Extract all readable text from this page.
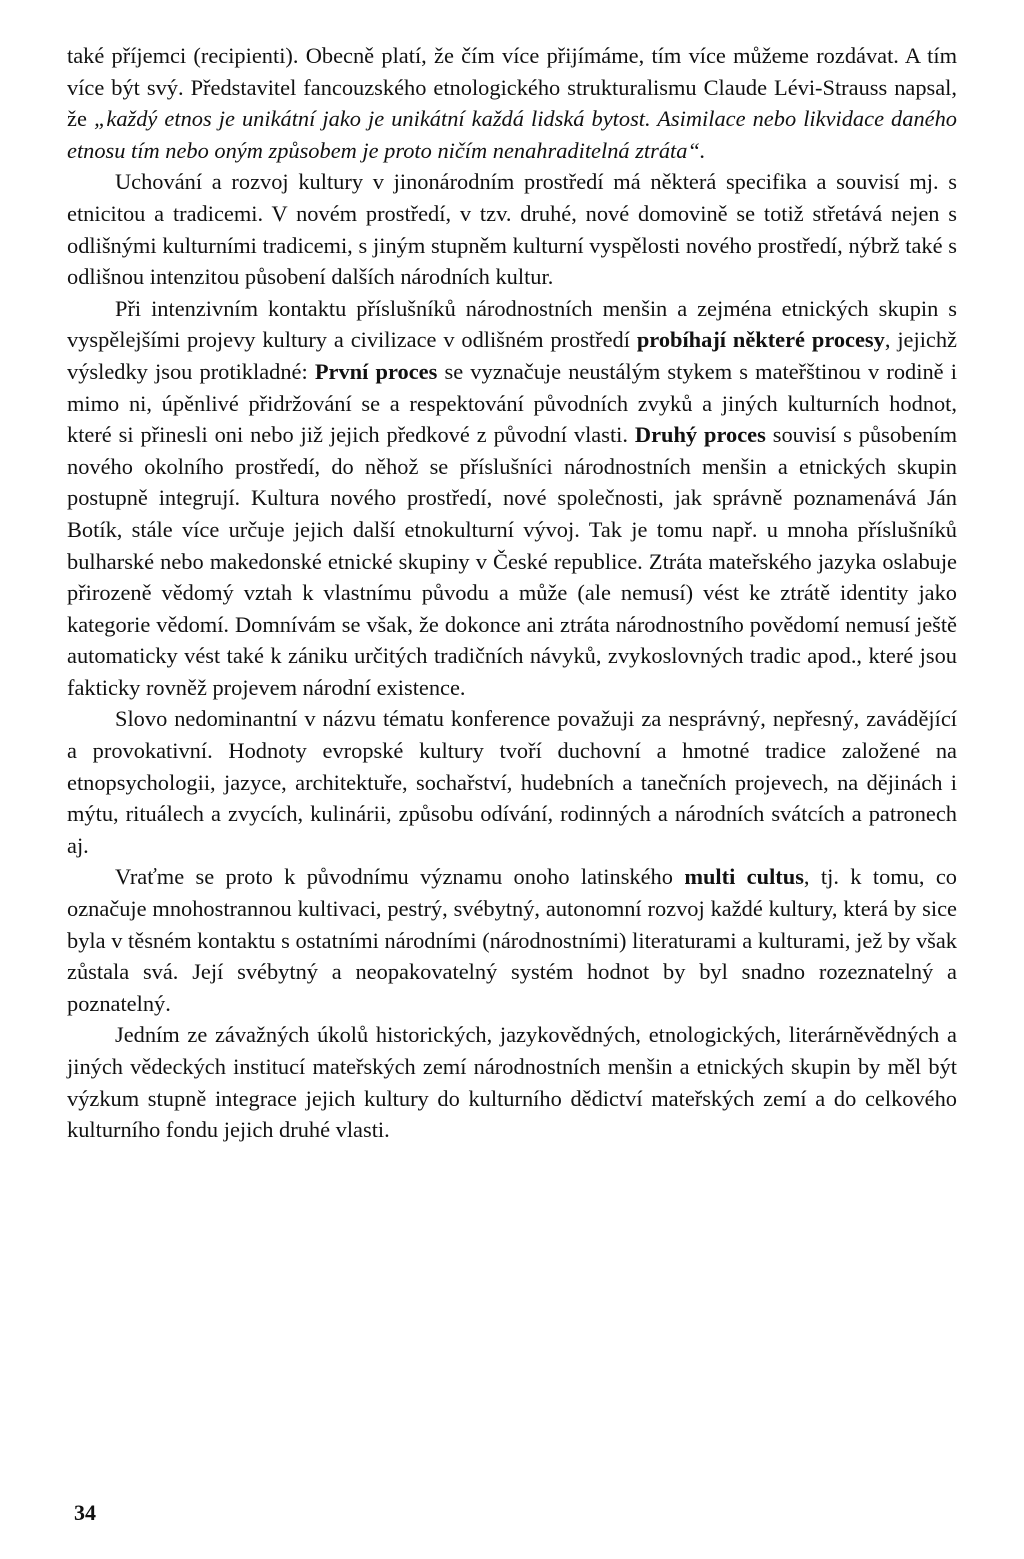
také příjemci (recipienti). Obecně platí, že čím více přijímáme, tím více můžeme rozdávat. A tím více být svý. Představitel fancouzského etnologického strukturalismu Claude Lévi-Strauss napsal, že „každý etnos je unikátní jako je unikátní každá lidská bytost. Asimilace nebo likvidace daného etnosu tím nebo oným způsobem je proto ničím nenahraditelná ztráta“.

Uchování a rozvoj kultury v jinonárodním prostředí má některá specifika a souvisí mj. s etnicitou a tradicemi. V novém prostředí, v tzv. druhé, nové domovině se totiž střetává nejen s odlišnými kulturními tradicemi, s jiným stupněm kulturní vyspělosti nového prostředí, nýbrž také s odlišnou intenzitou působení dalších národních kultur.

Při intenzivním kontaktu příslušníků národnostních menšin a zejména etnických skupin s vyspělejšími projevy kultury a civilizace v odlišném prostředí probíhají některé procesy, jejichž výsledky jsou protikladné: První proces se vyznačuje neustálým stykem s mateřštinou v rodině i mimo ni, úpěnlivé přidržování se a respektování původních zvyků a jiných kulturních hodnot, které si přinesli oni nebo již jejich předkové z původní vlasti. Druhý proces souvisí s působením nového okolního prostředí, do něhož se příslušníci národnostních menšin a etnických skupin postupně integrují. Kultura nového prostředí, nové společnosti, jak správně poznamenává Ján Botík, stále více určuje jejich další etnokulturní vývoj. Tak je tomu např. u mnoha příslušníků bulharské nebo makedonské etnické skupiny v České republice. Ztráta mateřského jazyka oslabuje přirozeně vědomý vztah k vlastnímu původu a může (ale nemusí) vést ke ztrátě identity jako kategorie vědomí. Domnívám se však, že dokonce ani ztráta národnostního povědomí nemusí ještě automaticky vést také k zániku určitých tradičních návyků, zvykoslovných tradic apod., které jsou fakticky rovněž projevem národní existence.

Slovo nedominantní v názvu tématu konference považuji za nesprávný, nepřesný, zavádějící a provokativní. Hodnoty evropské kultury tvoří duchovní a hmotné tradice založené na etnopsychologii, jazyce, architektuře, sochařství, hudebních a tanečních projevech, na dějinách i mýtu, rituálech a zvycích, kulinárii, způsobu odívání, rodinných a národních svátcích a patronech aj.

Vraťme se proto k původnímu významu onoho latinského multi cultus, tj. k tomu, co označuje mnohostrannou kultivaci, pestrý, svébytný, autonomní rozvoj každé kultury, která by sice byla v těsném kontaktu s ostatními národními (národnostními) literaturami a kulturami, jež by však zůstala svá. Její svébytný a neopakovatelný systém hodnot by byl snadno rozeznatelný a poznatelný.

Jedním ze závažných úkolů historických, jazykovědných, etnologických, literárněvědných a jiných vědeckých institucí mateřských zemí národnostních menšin a etnických skupin by měl být výzkum stupně integrace jejich kultury do kulturního dědictví mateřských zemí a do celkového kulturního fondu jejich druhé vlasti.

34
